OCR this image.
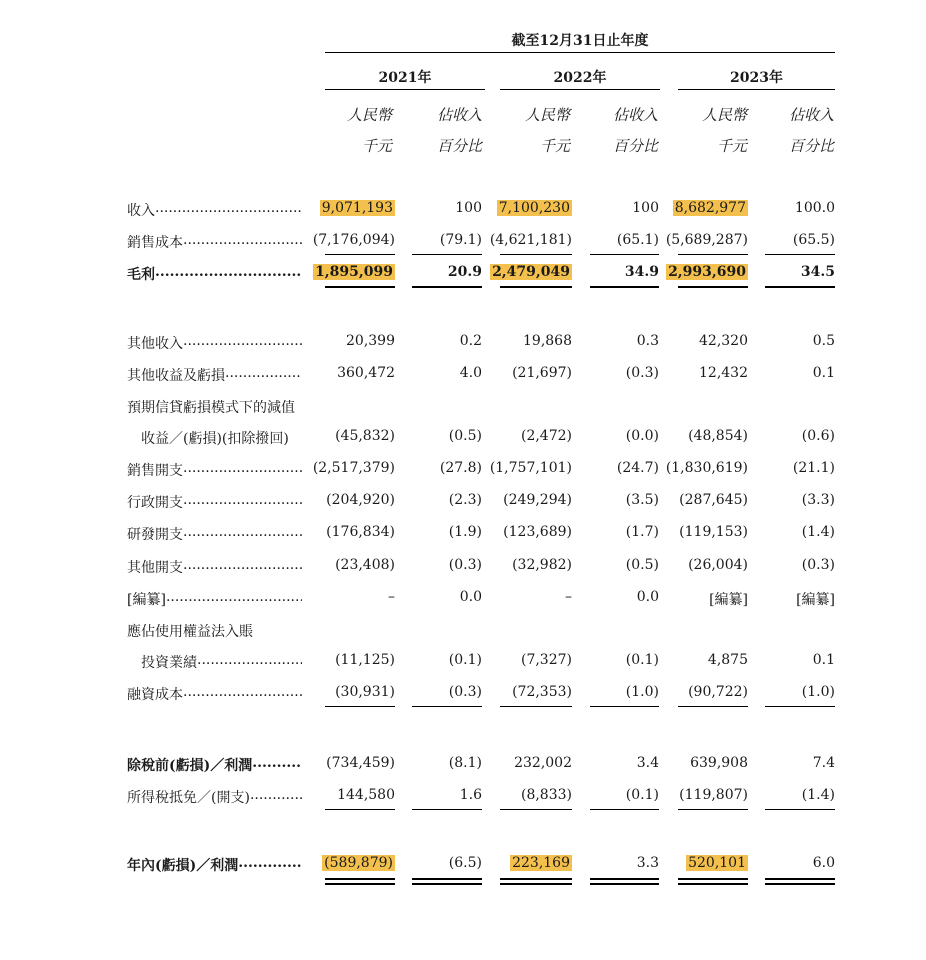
截至12月31日止年度
2021年	2022年	2023年
人民幣
千元
佔收入
百分比
人民幣
千元
佔收入
百分比
人民幣
千元
佔收入
百分比
收入 .....	9,071,193	100	7,100,230	100	8,682,977	100.0
銷售成本 .....	(7,176,094)	(79.1) (4,621,181)	(65.1) (5,689,287)	(65.5)
毛利 .....	1,895,099	20.9 2,479,049	34.9 2,993,690	34.5
其他收入 .....	20,399	0.2	19,868	0.3	42,320	0.5
其他收益及虧損 .....	360,472	4.0	(21,697)	(0.3)	12,432	0.1
預期信貸虧損模式下的減值
收益／(虧損)(扣除撥回)	(45,832)	(0.5)	(2,472)	(0.0)	(48,854)	(0.6)
銷售開支 .....	(2,517,379)	(27.8) (1,757,101)	(24.7) (1,830,619)	(21.1)
行政開支 .....	(204,920)	(2.3)	(249,294)	(3.5)	(287,645)	(3.3)
研發開支 .....	(176,834)	(1.9)	(123,689)	(1.7)	(119,153)	(1.4)
其他開支 .....	(23,408)	(0.3)	(32,982)	(0.5)	(26,004)	(0.3)
[編纂] .....	–	0.0	–	0.0	[編纂]	[編纂]
應佔使用權益法入賬
投資業績 .....	(11,125)	(0.1)	(7,327)	(0.1)	4,875	0.1
融資成本 .....	(30,931)	(0.3)	(72,353)	(1.0)	(90,722)	(1.0)
除稅前(虧損)／利潤 .....	(734,459)	(8.1)	232,002	3.4	639,908	7.4
所得稅抵免／(開支) .....	144,580	1.6	(8,833)	(0.1)	(119,807)	(1.4)
年內(虧損)／利潤 .....	(589,879)	(6.5)	223,169	3.3	520,101	6.0
